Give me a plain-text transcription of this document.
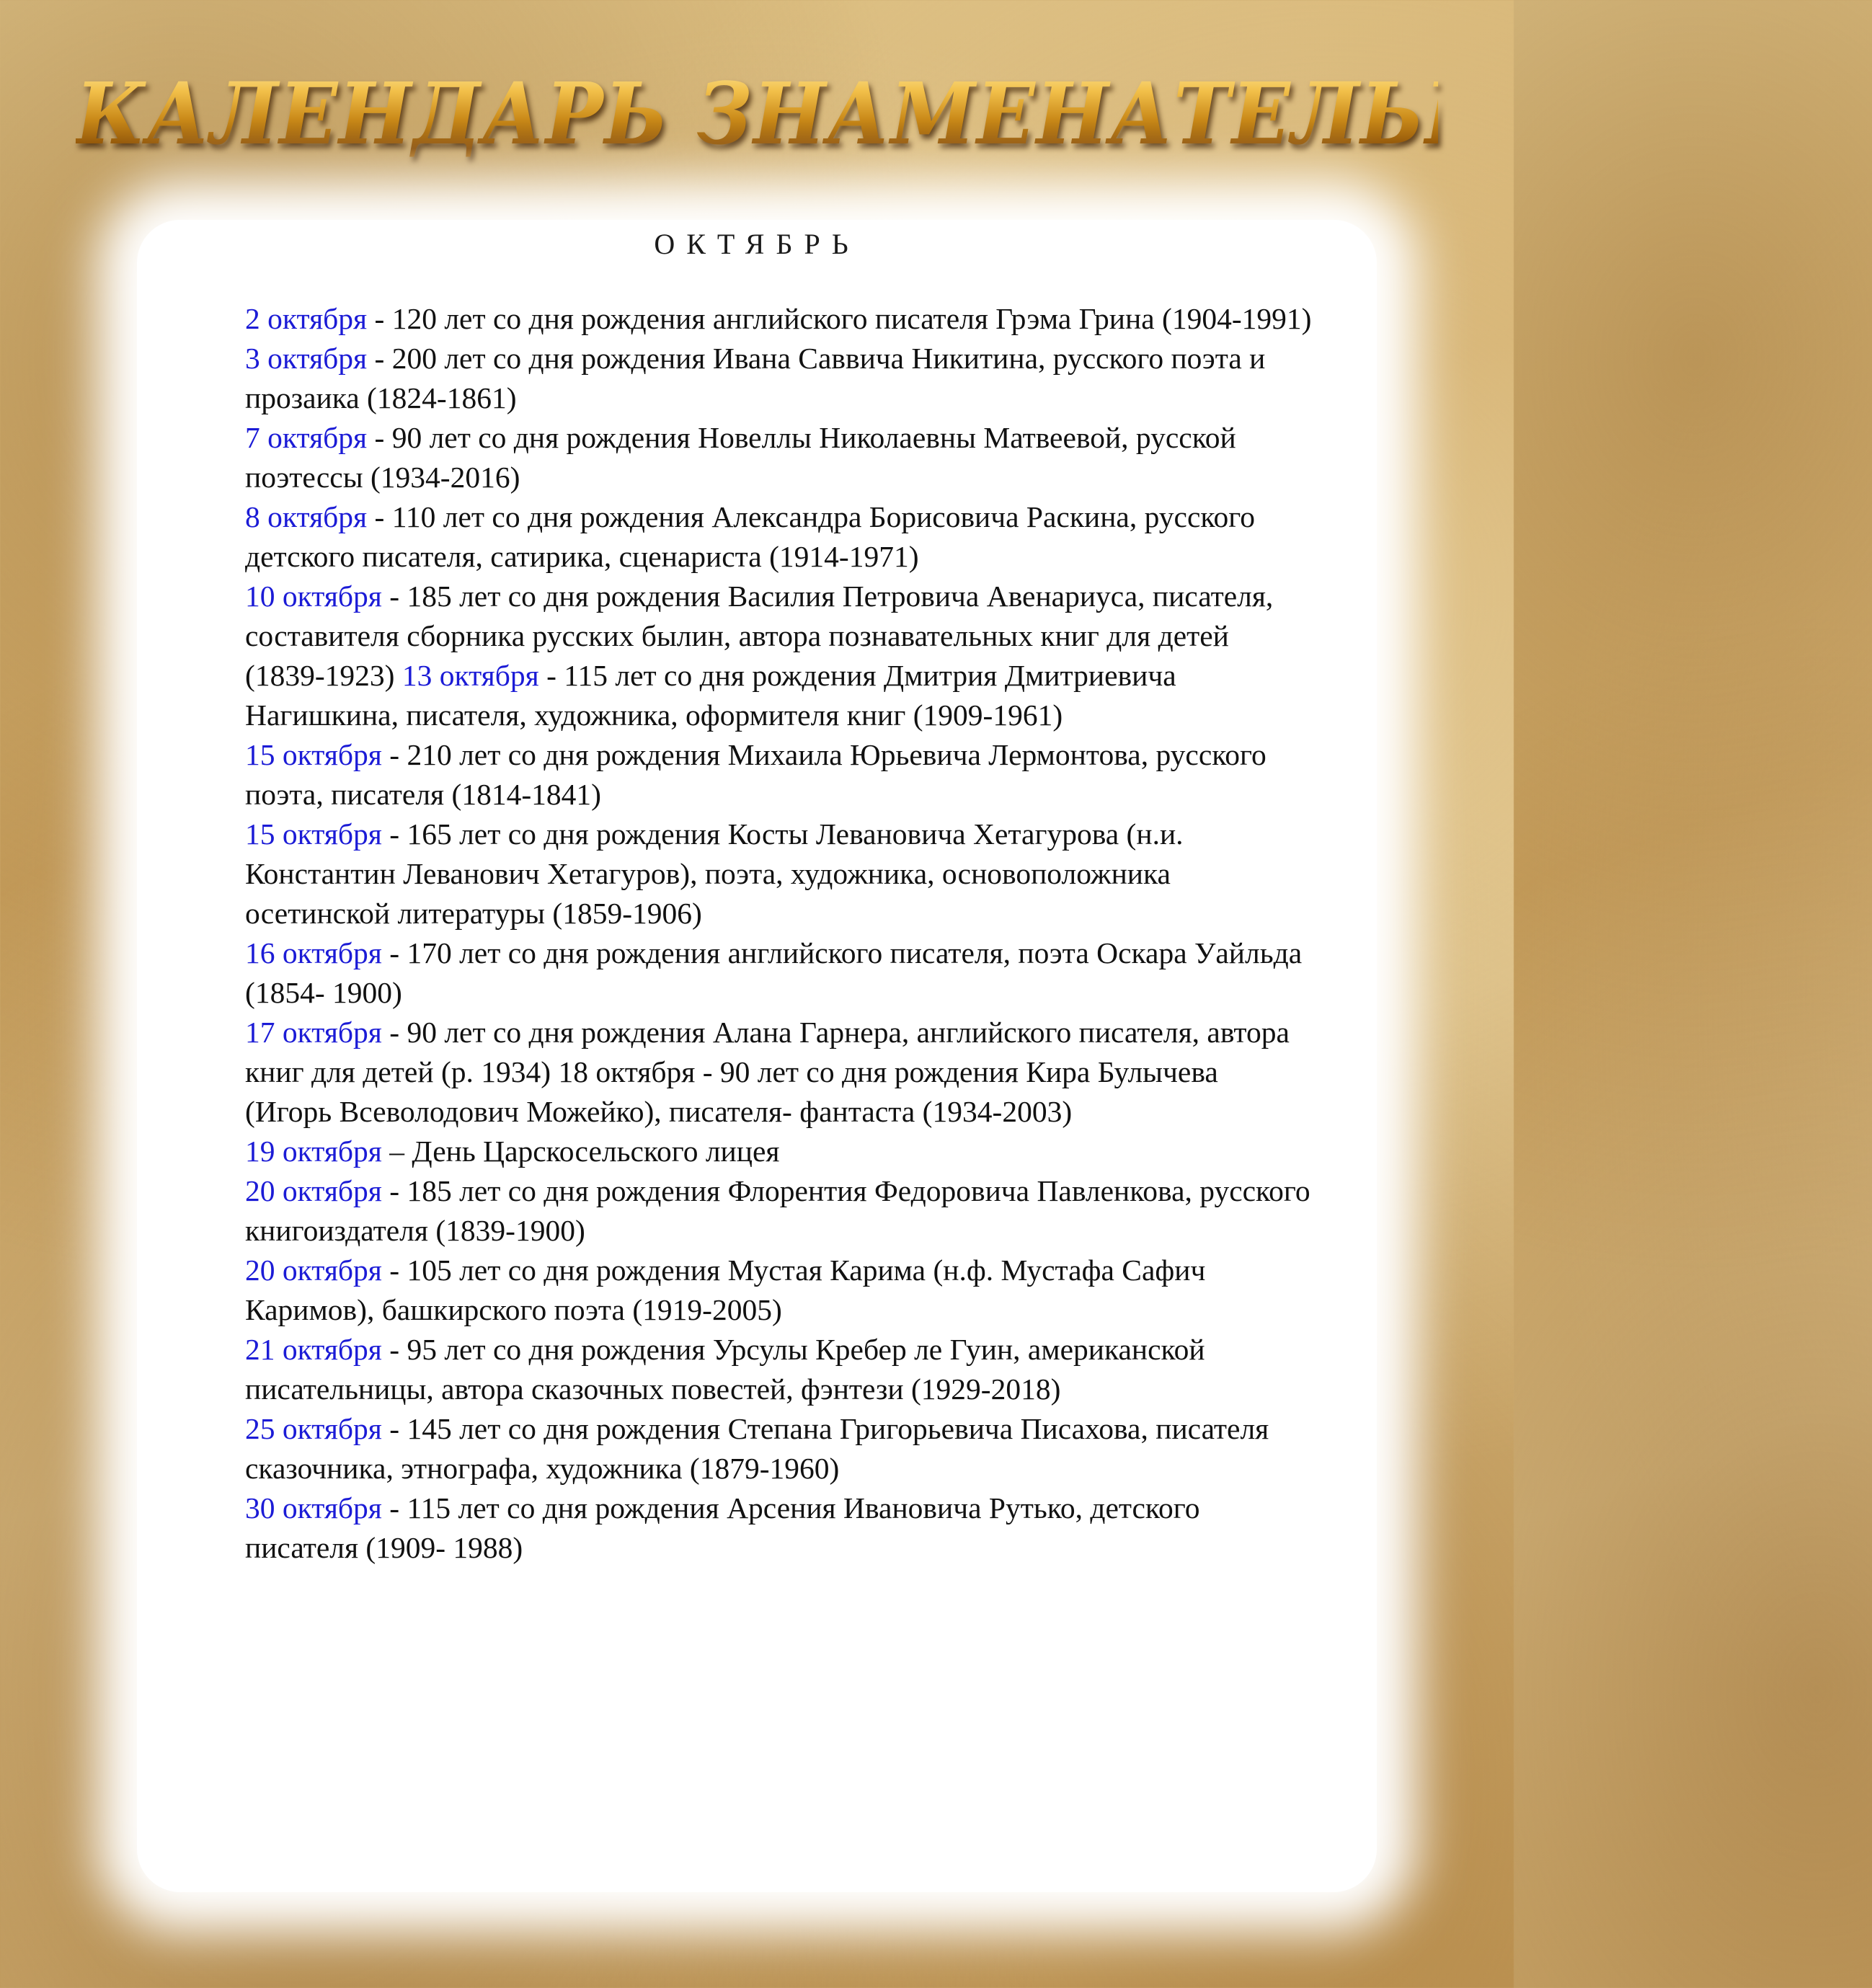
КАЛЕНДАРЬ ЗНАМЕНАТЕЛЬНЫХ ДАТ
ОКТЯБРЬ

2 октября - 120 лет со дня рождения английского писателя Грэма Грина (1904-1991)

3 октября - 200 лет со дня рождения Ивана Саввича Никитина, русского поэта и прозаика (1824-1861)

7 октября - 90 лет со дня рождения Новеллы Николаевны Матвеевой, русской поэтессы (1934-2016)

8 октября - 110 лет со дня рождения Александра Борисовича Раскина, русского детского писателя, сатирика, сценариста (1914-1971)

10 октября - 185 лет со дня рождения Василия Петровича Авенариуса, писателя, составителя сборника русских былин, автора познавательных книг для детей (1839-1923) 13 октября - 115 лет со дня рождения Дмитрия Дмитриевича Нагишкина, писателя, художника, оформителя книг (1909-1961)

15 октября - 210 лет со дня рождения Михаила Юрьевича Лермонтова, русского поэта, писателя (1814-1841)

15 октября - 165 лет со дня рождения Косты Левановича Хетагурова (н.и. Константин Леванович Хетагуров), поэта, художника, основоположника осетинской литературы (1859-1906)

16 октября - 170 лет со дня рождения английского писателя, поэта Оскара Уайльда (1854- 1900)

17 октября - 90 лет со дня рождения Алана Гарнера, английского писателя, автора книг для детей (р. 1934) 18 октября - 90 лет со дня рождения Кира Булычева (Игорь Всеволодович Можейко), писателя- фантаста (1934-2003)

19 октября – День Царскосельского лицея

20 октября - 185 лет со дня рождения Флорентия Федоровича Павленкова, русского книгоиздателя (1839-1900)

20 октября - 105 лет со дня рождения Мустая Карима (н.ф. Мустафа Сафич Каримов), башкирского поэта (1919-2005)

21 октября - 95 лет со дня рождения Урсулы Кребер ле Гуин, американской писательницы, автора сказочных повестей, фэнтези (1929-2018)

25 октября - 145 лет со дня рождения Степана Григорьевича Писахова, писателя сказочника, этнографа, художника (1879-1960)

30 октября - 115 лет со дня рождения Арсения Ивановича Рутько, детского писателя (1909- 1988)
